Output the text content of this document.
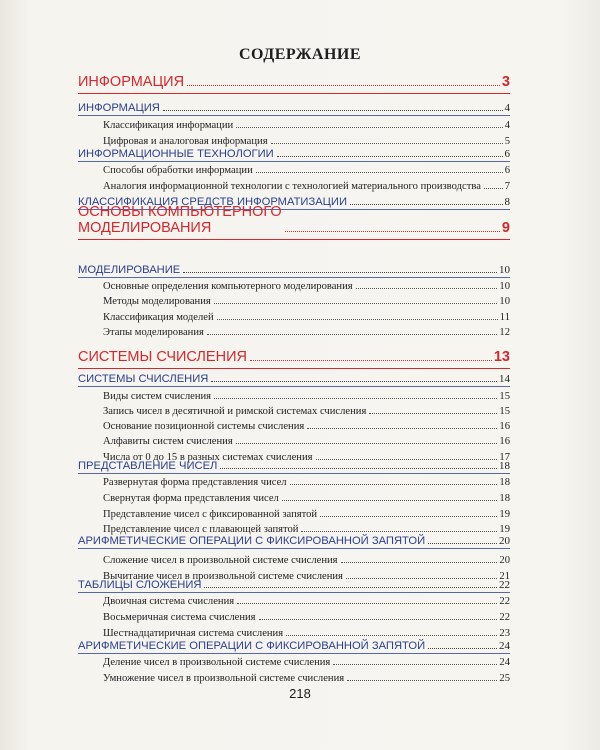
СОДЕРЖАНИЕ
ИНФОРМАЦИЯ	3
ИНФОРМАЦИЯ	4
Классификация информации	4
Цифровая и аналоговая информация	5
ИНФОРМАЦИОННЫЕ ТЕХНОЛОГИИ	6
Способы обработки информации	6
Аналогия информационной технологии с технологией материального производства 7
КЛАССИФИКАЦИЯ СРЕДСТВ ИНФОРМАТИЗАЦИИ	8
ОСНОВЫ КОМПЬЮТЕРНОГО
МОДЕЛИРОВАНИЯ	9
МОДЕЛИРОВАНИЕ	10
Основные определения компьютерного моделирования	10
Методы моделирования	10
Классификация моделей	11
Этапы моделирования	12
СИСТЕМЫ СЧИСЛЕНИЯ	13
СИСТЕМЫ СЧИСЛЕНИЯ	14
Виды систем счисления	15
Запись чисел в десятичной и римской системах счисления	15
Основание позиционной системы счисления	16
Алфавиты систем счисления	16
Числа от 0 до 15 в разных системах счисления	17
ПРЕДСТАВЛЕНИЕ ЧИСЕЛ	18
Развернутая форма представления чисел	18
Свернутая форма представления чисел	18
Представление чисел с фиксированной запятой	19
Представление чисел с плавающей запятой	19
АРИФМЕТИЧЕСКИЕ ОПЕРАЦИИ С ФИКСИРОВАННОЙ ЗАПЯТОЙ	20
Сложение чисел в произвольной системе счисления	20
Вычитание чисел в произвольной системе счисления	21
ТАБЛИЦЫ СЛОЖЕНИЯ	22
Двоичная система счисления	22
Восьмеричная система счисления	22
Шестнадцатиричная система счисления	23
АРИФМЕТИЧЕСКИЕ ОПЕРАЦИИ С ФИКСИРОВАННОЙ ЗАПЯТОЙ	24
Деление чисел в произвольной системе счисления	24
Умножение чисел в произвольной системе счисления	25
218
